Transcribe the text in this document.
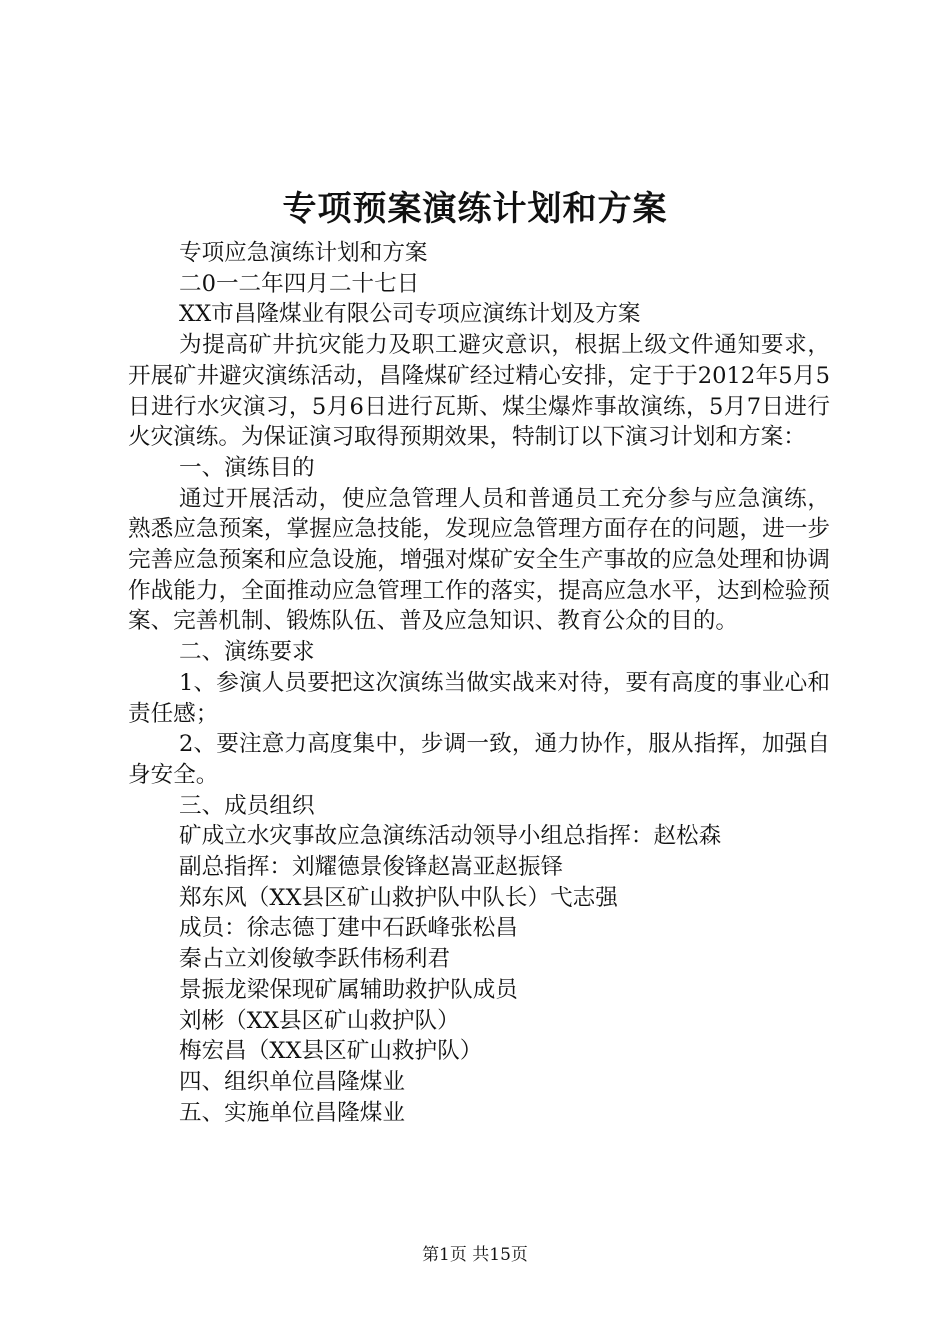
专项预案演练计划和方案

专项应急演练计划和方案

二0一二年四月二十七日

XX市昌隆煤业有限公司专项应演练计划及方案

为提高矿井抗灾能力及职工避灾意识，根据上级文件通知要求，开展矿井避灾演练活动，昌隆煤矿经过精心安排，定于于2012年5月5日进行水灾演习，5月6日进行瓦斯、煤尘爆炸事故演练，5月7日进行火灾演练。为保证演习取得预期效果，特制订以下演习计划和方案：

一、演练目的

通过开展活动，使应急管理人员和普通员工充分参与应急演练，熟悉应急预案，掌握应急技能，发现应急管理方面存在的问题，进一步完善应急预案和应急设施，增强对煤矿安全生产事故的应急处理和协调作战能力，全面推动应急管理工作的落实，提高应急水平，达到检验预案、完善机制、锻炼队伍、普及应急知识、教育公众的目的。

二、演练要求

1、参演人员要把这次演练当做实战来对待，要有高度的事业心和责任感；

2、要注意力高度集中，步调一致，通力协作，服从指挥，加强自身安全。

三、成员组织

矿成立水灾事故应急演练活动领导小组总指挥：赵松森

副总指挥：刘耀德景俊锋赵嵩亚赵振铎

郑东风（XX县区矿山救护队中队长）弋志强

成员：徐志德丁建中石跃峰张松昌

秦占立刘俊敏李跃伟杨利君

景振龙梁保现矿属辅助救护队成员

刘彬（XX县区矿山救护队）

梅宏昌（XX县区矿山救护队）

四、组织单位昌隆煤业

五、实施单位昌隆煤业

第1页 共15页
